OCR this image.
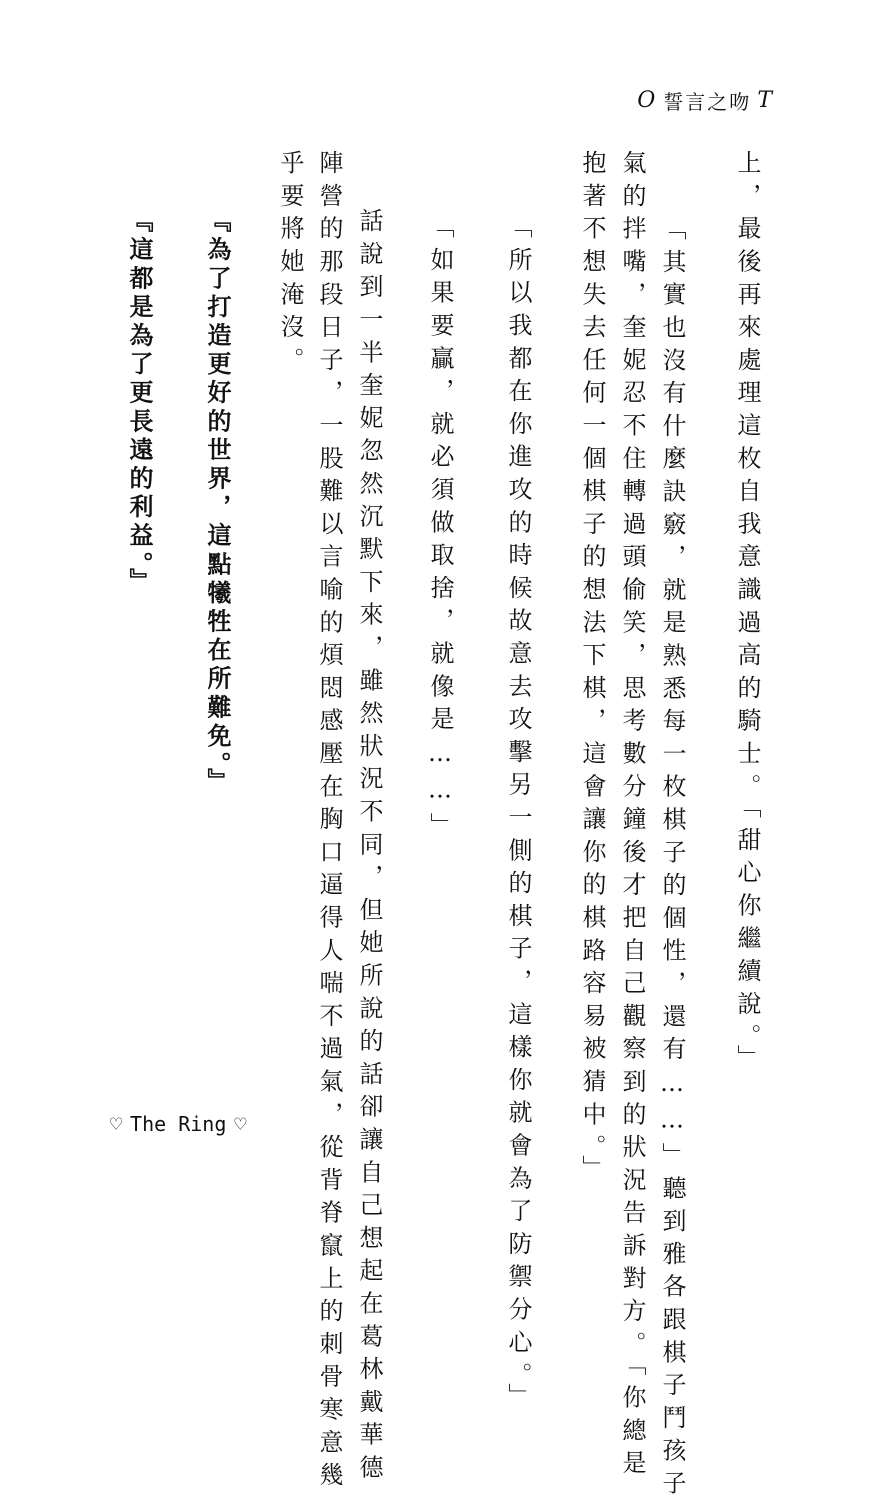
O 誓言之吻 T
上，最後再來處理這枚自我意識過高的騎士。「甜心你繼續說。」
「其實也沒有什麼訣竅，就是熟悉每一枚棋子的個性，還有……」聽到雅各跟棋子鬥孩子
氣的拌嘴，奎妮忍不住轉過頭偷笑，思考數分鐘後才把自己觀察到的狀況告訴對方。「你總是
抱著不想失去任何一個棋子的想法下棋，這會讓你的棋路容易被猜中。」
「所以我都在你進攻的時候故意去攻擊另一側的棋子，這樣你就會為了防禦分心。」
「如果要贏，就必須做取捨，就像是……」
話說到一半奎妮忽然沉默下來，雖然狀況不同，但她所說的話卻讓自己想起在葛林戴華德
陣營的那段日子，一股難以言喻的煩悶感壓在胸口逼得人喘不過氣，從背脊竄上的刺骨寒意幾
乎要將她淹沒。
『為了打造更好的世界，這點犧牲在所難免。』
『這都是為了更長遠的利益。』
♡ The Ring ♡
